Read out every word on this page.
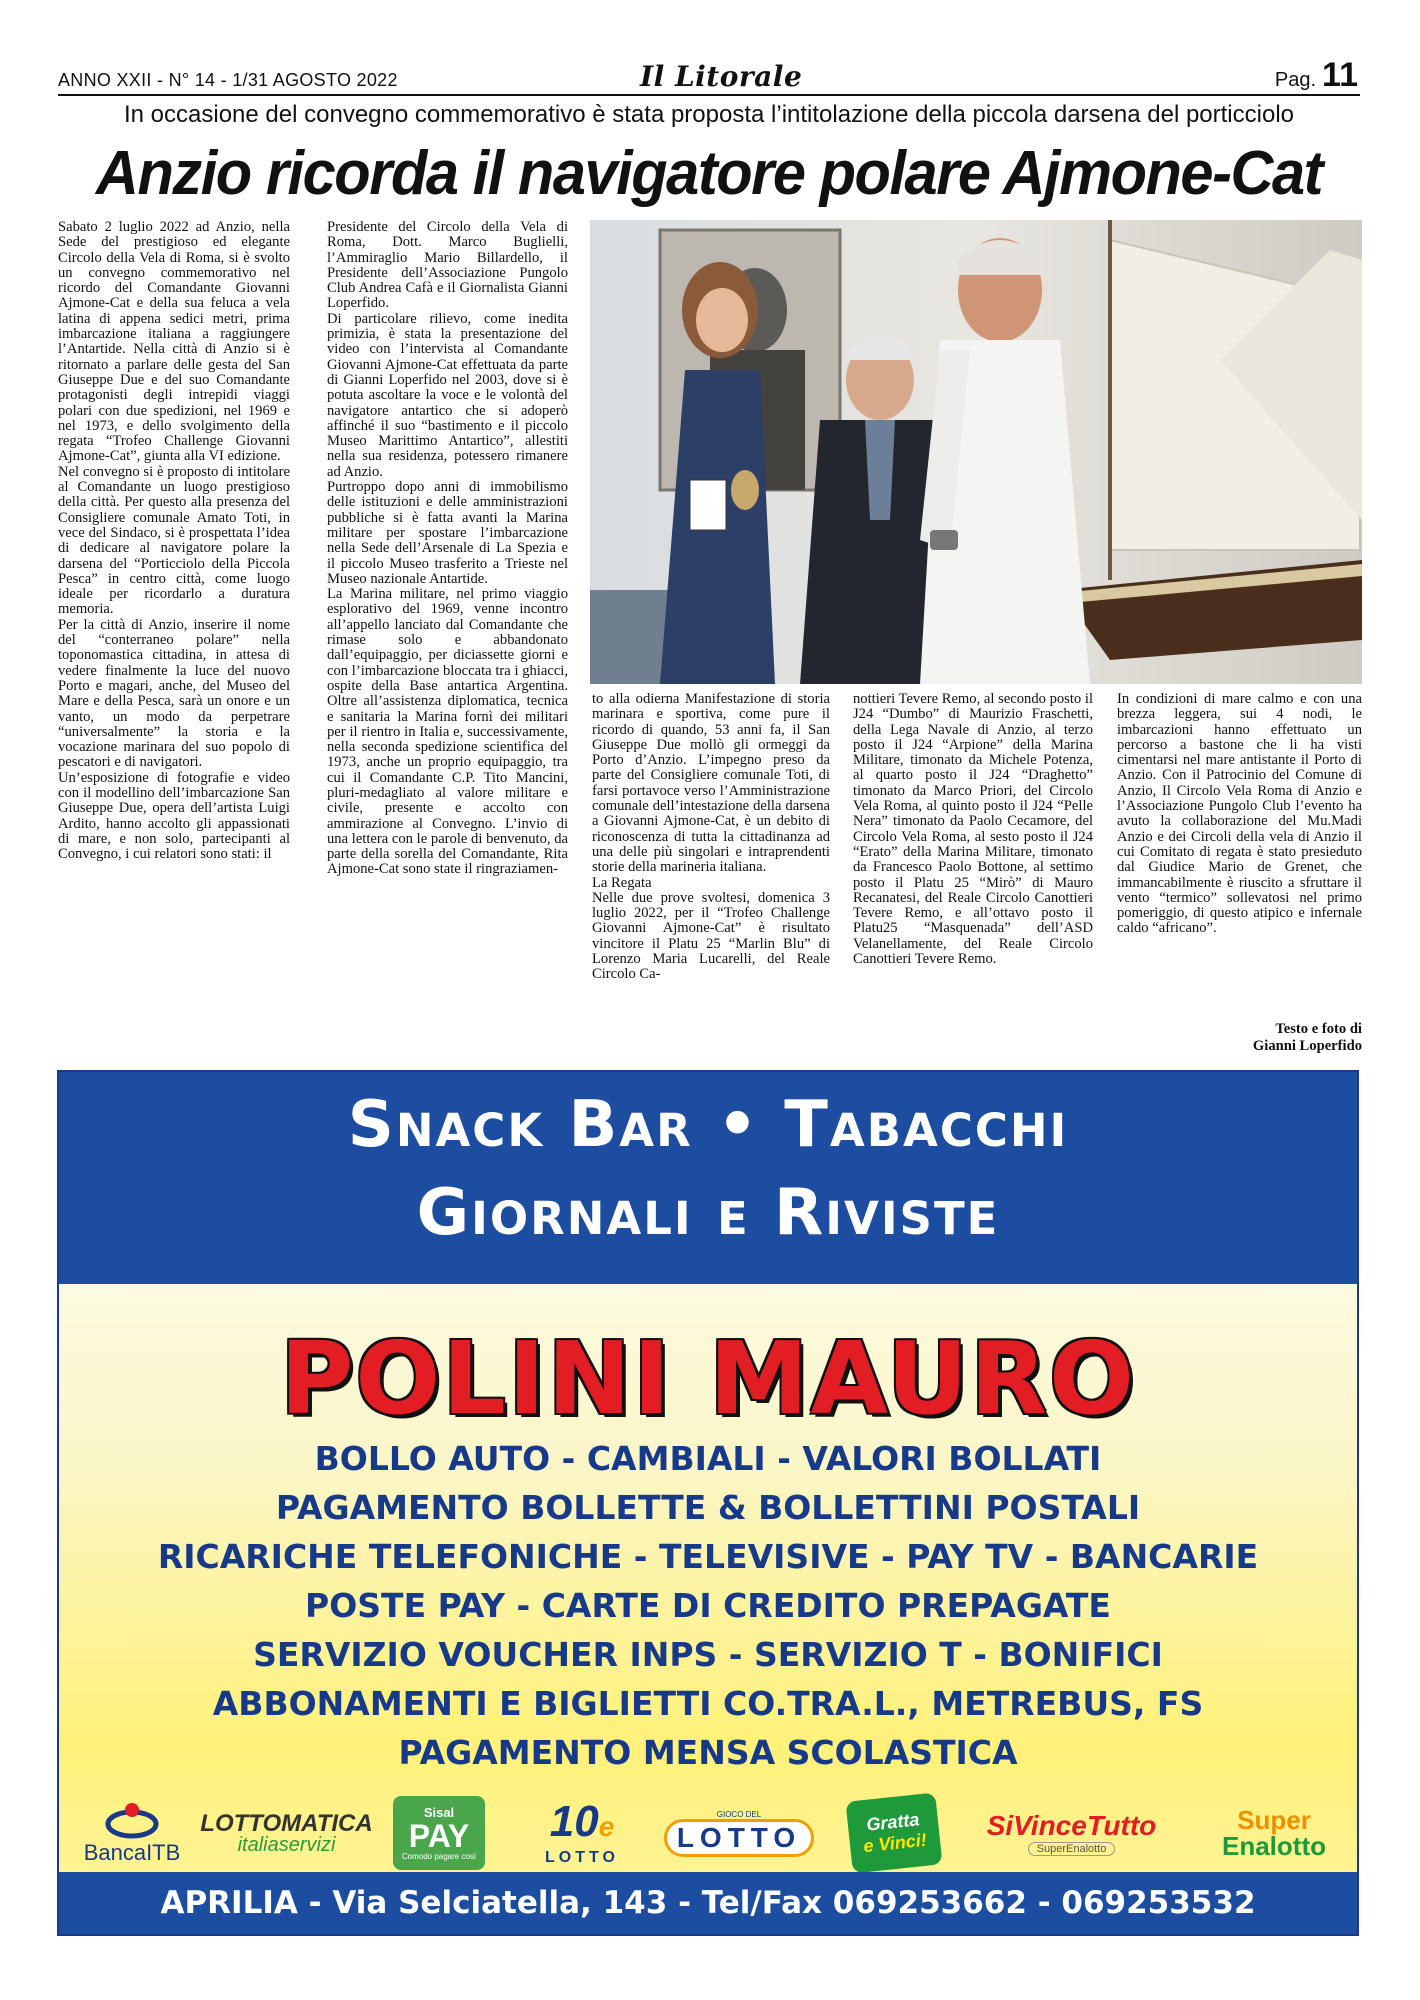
ANNO XXII - N° 14 - 1/31 AGOSTO 2022	Il Litorale	Pag. 11
In occasione del convegno commemorativo è stata proposta l’intitolazione della piccola darsena del porticciolo
Anzio ricorda il navigatore polare Ajmone-Cat

Sabato 2 luglio 2022 ad Anzio, nella Sede del prestigioso ed elegante Circolo della Vela di Roma, si è svolto un convegno commemorativo nel ricordo del Comandante Giovanni Ajmone-Cat e della sua feluca a vela latina di appena sedici metri, prima imbarcazione italiana a raggiungere l’Antartide. Nella città di Anzio si è ritornato a parlare delle gesta del San Giuseppe Due e del suo Comandante protagonisti degli intrepidi viaggi polari con due spedizioni, nel 1969 e nel 1973, e dello svolgimento della regata “Trofeo Challenge Giovanni Ajmone-Cat”, giunta alla VI edizione.

Nel convegno si è proposto di intitolare al Comandante un luogo prestigioso della città. Per questo alla presenza del Consigliere comunale Amato Toti, in vece del Sindaco, si è prospettata l’idea di dedicare al navigatore polare la darsena del “Porticciolo della Piccola Pesca” in centro città, come luogo ideale per ricordarlo a duratura memoria.

Per la città di Anzio, inserire il nome del “conterraneo polare” nella toponomastica cittadina, in attesa di vedere finalmente la luce del nuovo Porto e magari, anche, del Museo del Mare e della Pesca, sarà un onore e un vanto, un modo da perpetrare “universalmente” la storia e la vocazione marinara del suo popolo di pescatori e di navigatori.

Un’esposizione di fotografie e video con il modellino dell’imbarcazione San Giuseppe Due, opera dell’artista Luigi Ardito, hanno accolto gli appassionati di mare, e non solo, partecipanti al Convegno, i cui relatori sono stati: il

Presidente del Circolo della Vela di Roma, Dott. Marco Buglielli, l’Ammiraglio Mario Billardello, il Presidente dell’Associazione Pungolo Club Andrea Cafà e il Giornalista Gianni Loperfido.

Di particolare rilievo, come inedita primizia, è stata la presentazione del video con l’intervista al Comandante Giovanni Ajmone-Cat effettuata da parte di Gianni Loperfido nel 2003, dove si è potuta ascoltare la voce e le volontà del navigatore antartico che si adoperò affinché il suo “bastimento e il piccolo Museo Marittimo Antartico”, allestiti nella sua residenza, potessero rimanere ad Anzio.

Purtroppo dopo anni di immobilismo delle istituzioni e delle amministrazioni pubbliche si è fatta avanti la Marina militare per spostare l’imbarcazione nella Sede dell’Arsenale di La Spezia e il piccolo Museo trasferito a Trieste nel Museo nazionale Antartide.

La Marina militare, nel primo viaggio esplorativo del 1969, venne incontro all’appello lanciato dal Comandante che rimase solo e abbandonato dall’equipaggio, per diciassette giorni e con l’imbarcazione bloccata tra i ghiacci, ospite della Base antartica Argentina. Oltre all’assistenza diplomatica, tecnica e sanitaria la Marina fornì dei militari per il rientro in Italia e, successivamente, nella seconda spedizione scientifica del 1973, anche un proprio equipaggio, tra cui il Comandante C.P. Tito Mancini, pluri-medagliato al valore militare e civile, presente e accolto con ammirazione al Convegno. L’invio di una lettera con le parole di benvenuto, da parte della sorella del Comandante, Rita Ajmone-Cat sono state il ringraziamen-

to alla odierna Manifestazione di storia marinara e sportiva, come pure il ricordo di quando, 53 anni fa, il San Giuseppe Due mollò gli ormeggi da Porto d’Anzio. L’impegno preso da parte del Consigliere comunale Toti, di farsi portavoce verso l’Amministrazione comunale dell’intestazione della darsena a Giovanni Ajmone-Cat, è un debito di riconoscenza di tutta la cittadinanza ad una delle più singolari e intraprendenti storie della marineria italiana.

La Regata

Nelle due prove svoltesi, domenica 3 luglio 2022, per il “Trofeo Challenge Giovanni Ajmone-Cat” è risultato vincitore il Platu 25 “Marlin Blu” di Lorenzo Maria Lucarelli, del Reale Circolo Ca-

nottieri Tevere Remo, al secondo posto il J24 “Dumbo” di Maurizio Fraschetti, della Lega Navale di Anzio, al terzo posto il J24 “Arpione” della Marina Militare, timonato da Michele Potenza, al quarto posto il J24 “Draghetto” timonato da Marco Priori, del Circolo Vela Roma, al quinto posto il J24 “Pelle Nera” timonato da Paolo Cecamore, del Circolo Vela Roma, al sesto posto il J24 “Erato” della Marina Militare, timonato da Francesco Paolo Bottone, al settimo posto il Platu 25 “Mirò” di Mauro Recanatesi, del Reale Circolo Canottieri Tevere Remo, e all’ottavo posto il Platu25 “Masquenada” dell’ASD Velanellamente, del Reale Circolo Canottieri Tevere Remo.

In condizioni di mare calmo e con una brezza leggera, sui 4 nodi, le imbarcazioni hanno effettuato un percorso a bastone che li ha visti cimentarsi nel mare antistante il Porto di Anzio. Con il Patrocinio del Comune di Anzio, Il Circolo Vela Roma di Anzio e l’Associazione Pungolo Club l’evento ha avuto la collaborazione del Mu.Madi Anzio e dei Circoli della vela di Anzio il cui Comitato di regata è stato presieduto dal Giudice Mario de Grenet, che immancabilmente è riuscito a sfruttare il vento “termico” sollevatosi nel primo pomeriggio, di questo atipico e infernale caldo “africano”.

Testo e foto di
Gianni Loperfido
Snack Bar • Tabacchi
Giornali e Riviste
POLINI MAURO
BOLLO AUTO - CAMBIALI - VALORI BOLLATI
PAGAMENTO BOLLETTE & BOLLETTINI POSTALI
RICARICHE TELEFONICHE - TELEVISIVE - PAY TV - BANCARIE
POSTE PAY - CARTE DI CREDITO PREPAGATE
SERVIZIO VOUCHER INPS - SERVIZIO T - BONIFICI
ABBONAMENTI E BIGLIETTI CO.TRA.L., METREBUS, FS
PAGAMENTO MENSA SCOLASTICA
BancaITB
LOTTOMATICA
italiaservizi
Sisal
PAY
Comodo pagare così
10e
LOTTO
GIOCO DEL
LOTTO	Gratta
e Vinci!
SiVinceTutto
SuperEnalotto
Super
Enalotto
APRILIA - Via Selciatella, 143 - Tel/Fax 069253662 - 069253532
